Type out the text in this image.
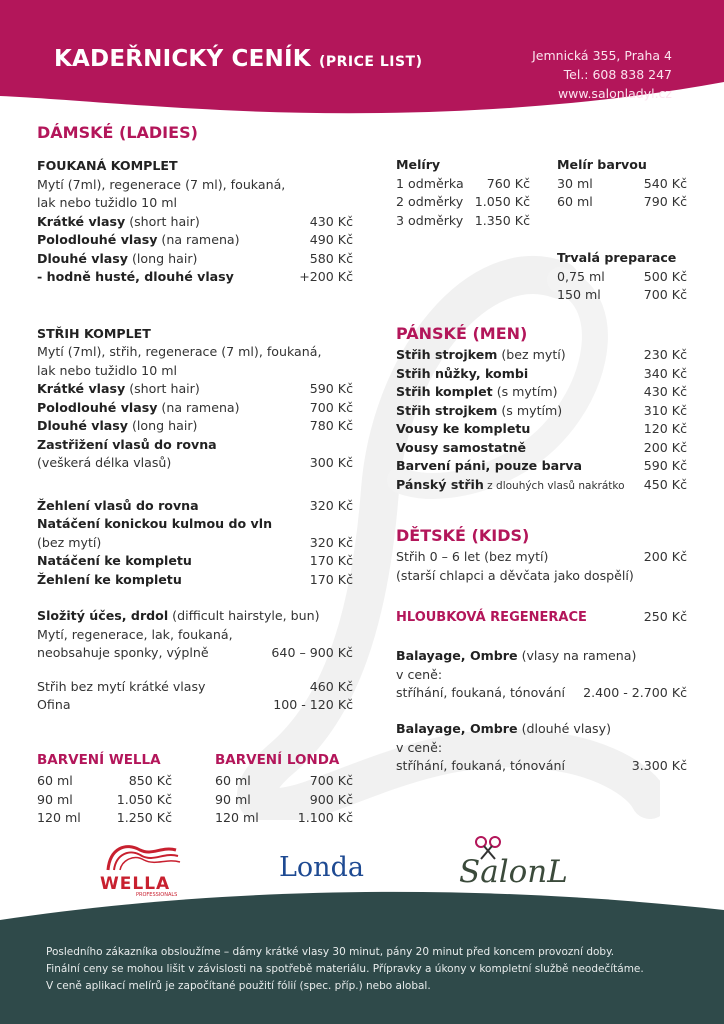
KADEŘNICKÝ CENÍK (PRICE LIST)	Jemnická 355, Praha 4
Tel.: 608 838 247
www.salonladyl.cz
DÁMSKÉ (LADIES)
FOUKANÁ KOMPLET
Mytí (7ml), regenerace (7 ml), foukaná,
lak nebo tužidlo 10 ml
Krátké vlasy (short hair)	430 Kč
Polodlouhé vlasy (na ramena)	490 Kč
Dlouhé vlasy (long hair)	580 Kč
- hodně husté, dlouhé vlasy	+200 Kč
STŘIH KOMPLET
Mytí (7ml), střih, regenerace (7 ml), foukaná,
lak nebo tužidlo 10 ml
Krátké vlasy (short hair)	590 Kč
Polodlouhé vlasy (na ramena)	700 Kč
Dlouhé vlasy (long hair)	780 Kč
Zastřižení vlasů do rovna
(veškerá délka vlasů)	300 Kč
Žehlení vlasů do rovna	320 Kč
Natáčení konickou kulmou do vln
(bez mytí)	320 Kč
Natáčení ke kompletu	170 Kč
Žehlení ke kompletu	170 Kč
Složitý účes, drdol (difficult hairstyle, bun)
Mytí, regenerace, lak, foukaná,
neobsahuje sponky, výplně	640 – 900 Kč
Střih bez mytí krátké vlasy	460 Kč
Ofina	100 - 120 Kč
BARVENÍ WELLA
60 ml	850 Kč
90 ml	1.050 Kč
120 ml	1.250 Kč
BARVENÍ LONDA
60 ml	700 Kč
90 ml	900 Kč
120 ml	1.100 Kč
Melíry
1 odměrka 760 Kč
2 odměrky 1.050 Kč
3 odměrky 1.350 Kč
Melír barvou
30 ml	540 Kč
60 ml	790 Kč
Trvalá preparace
0,75 ml	500 Kč
150 ml	700 Kč
PÁNSKÉ (MEN)
Střih strojkem (bez mytí)	230 Kč
Střih nůžky, kombi	340 Kč
Střih komplet (s mytím)	430 Kč
Střih strojkem (s mytím)	310 Kč
Vousy ke kompletu	120 Kč
Vousy samostatně	200 Kč
Barvení páni, pouze barva	590 Kč
Pánský střih z dlouhých vlasů nakrátko 450 Kč
DĚTSKÉ (KIDS)
Střih 0 – 6 let (bez mytí)	200 Kč
(starší chlapci a děvčata jako dospělí)
HLOUBKOVÁ REGENERACE	250 Kč
Balayage, Ombre (vlasy na ramena)
v ceně:
stříhání, foukaná, tónování 2.400 - 2.700 Kč
Balayage, Ombre (dlouhé vlasy)
v ceně:
stříhání, foukaná, tónování	3.300 Kč
WELLA
PROFESSIONALS
Londa	SalonL
Posledního zákazníka obsloužíme – dámy krátké vlasy 30 minut, pány 20 minut před koncem provozní doby.
Finální ceny se mohou lišit v závislosti na spotřebě materiálu. Přípravky a úkony v kompletní službě neodečítáme.
V ceně aplikací melírů je započítané použití fólií (spec. příp.) nebo alobal.
